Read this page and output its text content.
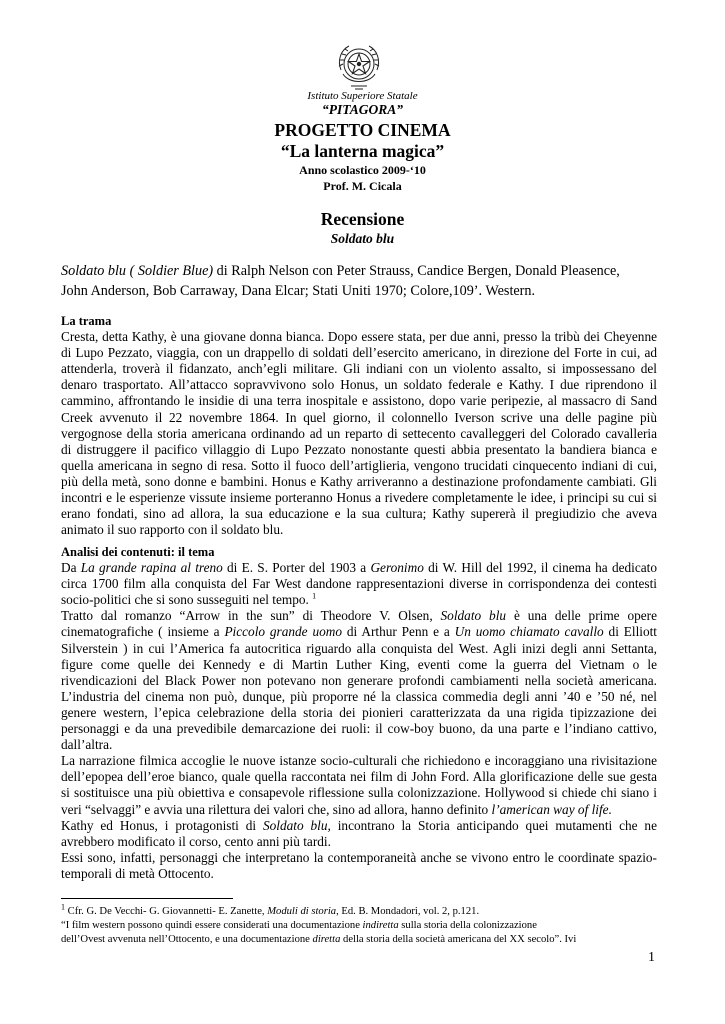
Istituto Superiore Statale
“PITAGORA”
PROGETTO CINEMA
“La lanterna magica”
Anno scolastico 2009-‘10
Prof. M. Cicala
Recensione
Soldato blu
Soldato blu ( Soldier Blue) di Ralph Nelson con Peter Strauss, Candice Bergen, Donald Pleasence,
John Anderson, Bob Carraway, Dana Elcar; Stati Uniti 1970; Colore,109’. Western.
La trama
Cresta, detta Kathy, è una giovane donna bianca. Dopo essere stata, per due anni, presso la tribù dei Cheyenne
di Lupo Pezzato, viaggia, con un drappello di soldati dell’esercito americano, in direzione del Forte in cui, ad
attenderla, troverà il fidanzato, anch’egli militare. Gli indiani con un violento assalto, si impossessano del
denaro trasportato. All’attacco sopravvivono solo Honus, un soldato federale e Kathy. I due riprendono il
cammino, affrontando le insidie di una terra inospitale e assistono, dopo varie peripezie, al massacro di Sand
Creek avvenuto il 22 novembre 1864. In quel giorno, il colonnello Iverson scrive una delle pagine più
vergognose della storia americana ordinando ad un reparto di settecento cavalleggeri del Colorado cavalleria
di distruggere il pacifico villaggio di Lupo Pezzato nonostante questi abbia presentato la bandiera bianca e
quella americana in segno di resa. Sotto il fuoco dell’artiglieria, vengono trucidati cinquecento indiani di cui,
più della metà, sono donne e bambini. Honus e Kathy arriveranno a destinazione profondamente cambiati. Gli
incontri e le esperienze vissute insieme porteranno Honus a rivedere completamente le idee, i principi su cui si
erano fondati, sino ad allora, la sua educazione e la sua cultura; Kathy supererà il pregiudizio che aveva
animato il suo rapporto con il soldato blu.
Analisi dei contenuti: il tema
Da La grande rapina al treno di E. S. Porter del 1903 a Geronimo di W. Hill del 1992, il cinema ha dedicato
circa 1700 film alla conquista del Far West dandone rappresentazioni diverse in corrispondenza dei contesti
socio-politici che si sono susseguiti nel tempo. $^1$
Tratto dal romanzo “Arrow in the sun” di Theodore V. Olsen, Soldato blu è una delle prime opere
cinematografiche ( insieme a Piccolo grande uomo di Arthur Penn e a Un uomo chiamato cavallo di Elliott
Silverstein ) in cui l’America fa autocritica riguardo alla conquista del West. Agli inizi degli anni Settanta,
figure come quelle dei Kennedy e di Martin Luther King, eventi come la guerra del Vietnam o le
rivendicazioni del Black Power non potevano non generare profondi cambiamenti nella società americana.
L’industria del cinema non può, dunque, più proporre né la classica commedia degli anni ’40 e ’50 né, nel
genere western, l’epica celebrazione della storia dei pionieri caratterizzata da una rigida tipizzazione dei
personaggi e da una prevedibile demarcazione dei ruoli: il cow-boy buono, da una parte e l’indiano cattivo,
dall’altra.
La narrazione filmica accoglie le nuove istanze socio-culturali che richiedono e incoraggiano una rivisitazione
dell’epopea dell’eroe bianco, quale quella raccontata nei film di John Ford. Alla glorificazione delle sue gesta
si sostituisce una più obiettiva e consapevole riflessione sulla colonizzazione. Hollywood si chiede chi siano i
veri “selvaggi” e avvia una rilettura dei valori che, sino ad allora, hanno definito l’american way of life.
Kathy ed Honus, i protagonisti di Soldato blu, incontrano la Storia anticipando quei mutamenti che ne
avrebbero modificato il corso, cento anni più tardi.
Essi sono, infatti, personaggi che interpretano la contemporaneità anche se vivono entro le coordinate spazio-
temporali di metà Ottocento.
$^1$ Cfr. G. De Vecchi- G. Giovannetti- E. Zanette, Moduli di storia, Ed. B. Mondadori, vol. 2, p.121.
“I film western possono quindi essere considerati una documentazione indiretta sulla storia della colonizzazione
dell’Ovest avvenuta nell’Ottocento, e una documentazione diretta della storia della società americana del XX secolo”. Ivi
1
